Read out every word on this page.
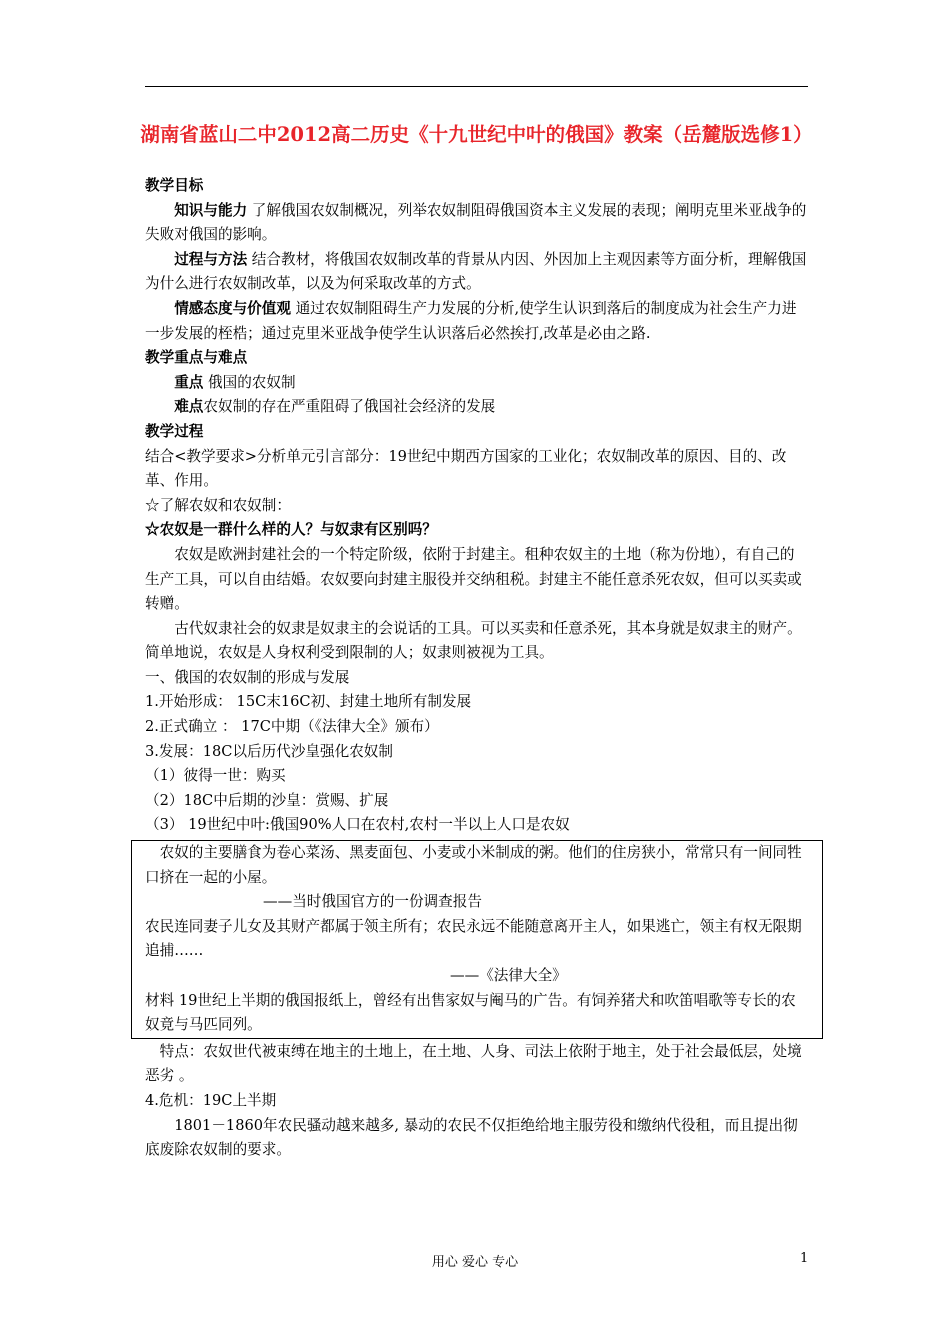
湖南省蓝山二中2012高二历史《十九世纪中叶的俄国》教案（岳麓版选修1）

教学目标

知识与能力 了解俄国农奴制概况，列举农奴制阻碍俄国资本主义发展的表现；阐明克里米亚战争的失败对俄国的影响。

过程与方法 结合教材，将俄国农奴制改革的背景从内因、外因加上主观因素等方面分析，理解俄国为什么进行农奴制改革，以及为何采取改革的方式。

情感态度与价值观 通过农奴制阻碍生产力发展的分析,使学生认识到落后的制度成为社会生产力进一步发展的桎梏；通过克里米亚战争使学生认识落后必然挨打,改革是必由之路.

教学重点与难点

重点 俄国的农奴制

难点农奴制的存在严重阻碍了俄国社会经济的发展

教学过程

结合<教学要求>分析单元引言部分：19世纪中期西方国家的工业化；农奴制改革的原因、目的、改革、作用。

☆了解农奴和农奴制：

☆农奴是一群什么样的人？与奴隶有区别吗？

农奴是欧洲封建社会的一个特定阶级，依附于封建主。租种农奴主的土地（称为份地），有自己的生产工具，可以自由结婚。农奴要向封建主服役并交纳租税。封建主不能任意杀死农奴，但可以买卖或转赠。

古代奴隶社会的奴隶是奴隶主的会说话的工具。可以买卖和任意杀死，其本身就是奴隶主的财产。

简单地说，农奴是人身权利受到限制的人；奴隶则被视为工具。

一、俄国的农奴制的形成与发展

1.开始形成： 15C末16C初、封建土地所有制发展

2.正式确立 ： 17C中期（《法律大全》颁布）

3.发展：18C以后历代沙皇强化农奴制

（1）彼得一世：购买

（2）18C中后期的沙皇：赏赐、扩展

（3） 19世纪中叶:俄国90%人口在农村,农村一半以上人口是农奴

农奴的主要膳食为卷心菜汤、黑麦面包、小麦或小米制成的粥。他们的住房狭小，常常只有一间同牲口挤在一起的小屋。

——当时俄国官方的一份调查报告

农民连同妻子儿女及其财产都属于领主所有；农民永远不能随意离开主人，如果逃亡，领主有权无限期追捕……

——《法律大全》

材料 19世纪上半期的俄国报纸上，曾经有出售家奴与阉马的广告。有饲养猪犬和吹笛唱歌等专长的农奴竟与马匹同列。

特点：农奴世代被束缚在地主的土地上，在土地、人身、司法上依附于地主，处于社会最低层，处境恶劣 。

4.危机：19C上半期

1801－1860年农民骚动越来越多, 暴动的农民不仅拒绝给地主服劳役和缴纳代役租，而且提出彻底废除农奴制的要求。

用心 爱心 专心	1
